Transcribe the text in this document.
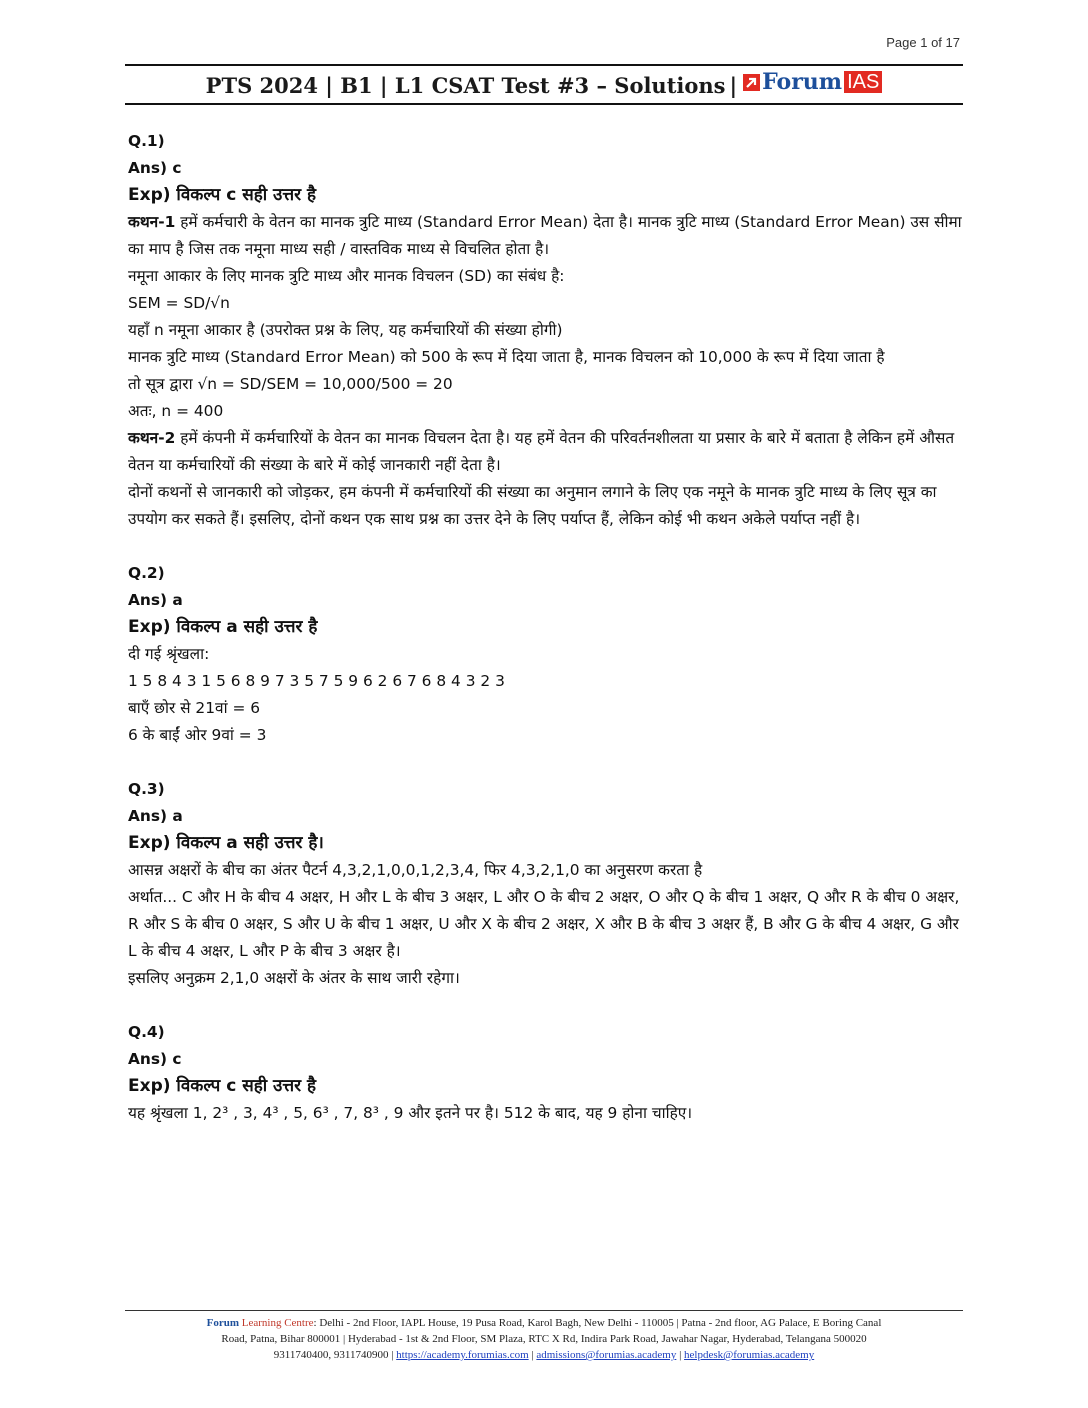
Page 1 of 17
PTS 2024 | B1 | L1 CSAT Test #3 – Solutions | Forum IAS

Q.1)

Ans) c

Exp) विकल्प c सही उत्तर है

कथन-1 हमें कर्मचारी के वेतन का मानक त्रुटि माध्य (Standard Error Mean) देता है। मानक त्रुटि माध्य (Standard Error Mean) उस सीमा का माप है जिस तक नमूना माध्य सही / वास्तविक माध्य से विचलित होता है।

नमूना आकार के लिए मानक त्रुटि माध्य और मानक विचलन (SD) का संबंध है:

SEM = SD/√n

यहाँ n नमूना आकार है (उपरोक्त प्रश्न के लिए, यह कर्मचारियों की संख्या होगी)

मानक त्रुटि माध्य (Standard Error Mean) को 500 के रूप में दिया जाता है, मानक विचलन को 10,000 के रूप में दिया जाता है

तो सूत्र द्वारा √n = SD/SEM = 10,000/500 = 20

अतः, n = 400

कथन-2 हमें कंपनी में कर्मचारियों के वेतन का मानक विचलन देता है। यह हमें वेतन की परिवर्तनशीलता या प्रसार के बारे में बताता है लेकिन हमें औसत वेतन या कर्मचारियों की संख्या के बारे में कोई जानकारी नहीं देता है।

दोनों कथनों से जानकारी को जोड़कर, हम कंपनी में कर्मचारियों की संख्या का अनुमान लगाने के लिए एक नमूने के मानक त्रुटि माध्य के लिए सूत्र का उपयोग कर सकते हैं। इसलिए, दोनों कथन एक साथ प्रश्न का उत्तर देने के लिए पर्याप्त हैं, लेकिन कोई भी कथन अकेले पर्याप्त नहीं है।

Q.2)

Ans) a

Exp) विकल्प a सही उत्तर है

दी गई श्रृंखला:

1 5 8 4 3 1 5 6 8 9 7 3 5 7 5 9 6 2 6 7 6 8 4 3 2 3

बाएँ छोर से 21वां = 6

6 के बाईं ओर 9वां = 3

Q.3)

Ans) a

Exp) विकल्प a सही उत्तर है।

आसन्न अक्षरों के बीच का अंतर पैटर्न 4,3,2,1,0,0,1,2,3,4, फिर 4,3,2,1,0 का अनुसरण करता है

अर्थात... C और H के बीच 4 अक्षर, H और L के बीच 3 अक्षर, L और O के बीच 2 अक्षर, O और Q के बीच 1 अक्षर, Q और R के बीच 0 अक्षर, R और S के बीच 0 अक्षर, S और U के बीच 1 अक्षर, U और X के बीच 2 अक्षर, X और B के बीच 3 अक्षर हैं, B और G के बीच 4 अक्षर, G और L के बीच 4 अक्षर, L और P के बीच 3 अक्षर है।

इसलिए अनुक्रम 2,1,0 अक्षरों के अंतर के साथ जारी रहेगा।

Q.4)

Ans) c

Exp) विकल्प c सही उत्तर है

यह श्रृंखला 1, 2³ , 3, 4³ , 5, 6³ , 7, 8³ , 9 और इतने पर है। 512 के बाद, यह 9 होना चाहिए।

Forum Learning Centre: Delhi - 2nd Floor, IAPL House, 19 Pusa Road, Karol Bagh, New Delhi - 110005 | Patna - 2nd floor, AG Palace, E Boring Canal
Road, Patna, Bihar 800001 | Hyderabad - 1st & 2nd Floor, SM Plaza, RTC X Rd, Indira Park Road, Jawahar Nagar, Hyderabad, Telangana 500020
9311740400, 9311740900 | https://academy.forumias.com | admissions@forumias.academy | helpdesk@forumias.academy
